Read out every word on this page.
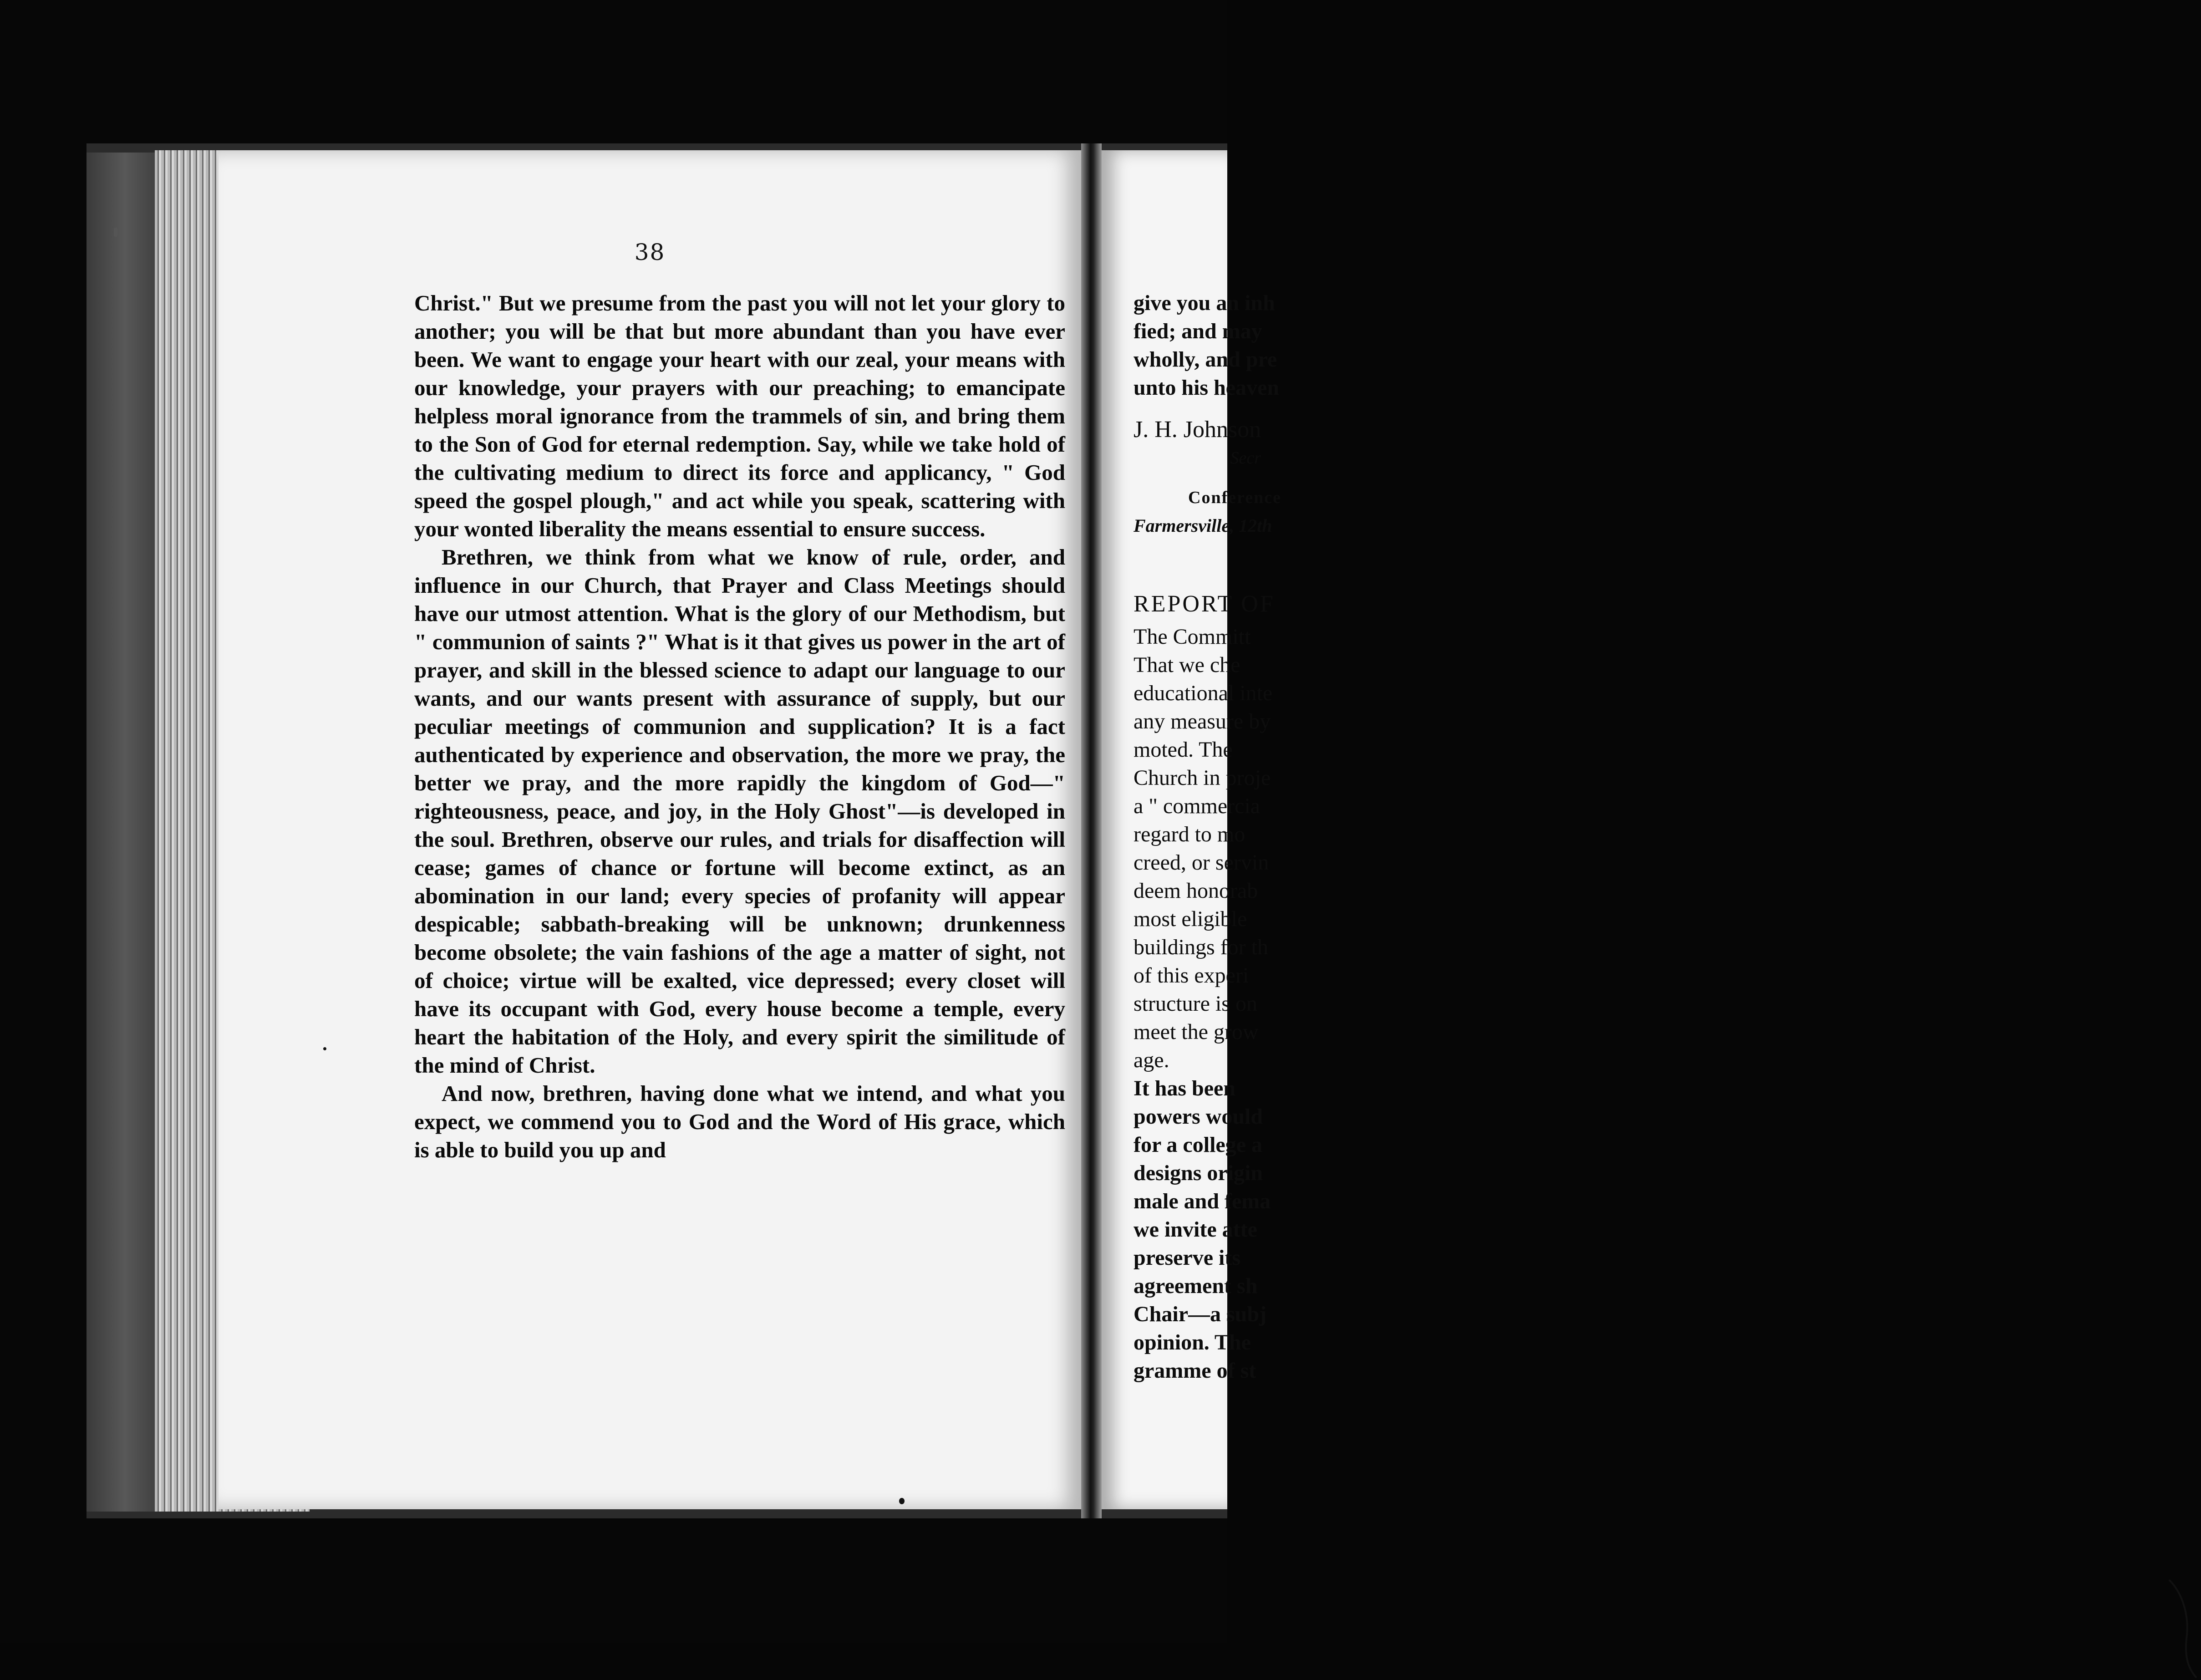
38

Christ." But we presume from the past you will not let your glory to another; you will be that but more abundant than you have ever been. We want to engage your heart with our zeal, your means with our knowledge, your prayers with our preaching; to emancipate helpless moral ignorance from the trammels of sin, and bring them to the Son of God for eternal redemption. Say, while we take hold of the cultivating medium to direct its force and applicancy, " God speed the gospel plough," and act while you speak, scattering with your wonted liberality the means essential to ensure success.

Brethren, we think from what we know of rule, order, and influence in our Church, that Prayer and Class Meetings should have our utmost attention. What is the glory of our Methodism, but " communion of saints ?" What is it that gives us power in the art of prayer, and skill in the blessed science to adapt our language to our wants, and our wants present with assurance of supply, but our peculiar meetings of communion and supplication? It is a fact authenticated by experience and observation, the more we pray, the better we pray, and the more rapidly the kingdom of God—" righteousness, peace, and joy, in the Holy Ghost"—is developed in the soul. Brethren, observe our rules, and trials for disaffection will cease; games of chance or fortune will become extinct, as an abomination in our land; every species of profanity will appear despicable; sabbath-breaking will be unknown; drunkenness become obsolete; the vain fashions of the age a matter of sight, not of choice; virtue will be exalted, vice depressed; every closet will have its occupant with God, every house become a temple, every heart the habitation of the Holy, and every spirit the similitude of the mind of Christ.

And now, brethren, having done what we intend, and what you expect, we commend you to God and the Word of His grace, which is able to build you up and

give you an inh
fied; and may
wholly, and pre
unto his heaven
J. H. Johnson
Secr
Conference
Farmersville, 12th
REPORT OF
The Committ
That we che
educational inte
any measure by
moted. The
Church in proje
a " commercia
regard to mo
creed, or servin
deem honorab
most eligible
buildings for th
of this experi
structure is on
meet the grow
age.
It has been
powers would
for a college a
designs origin
male and fema
we invite atte
preserve its
agreement sh
Chair—a subj
opinion. The
gramme of st
